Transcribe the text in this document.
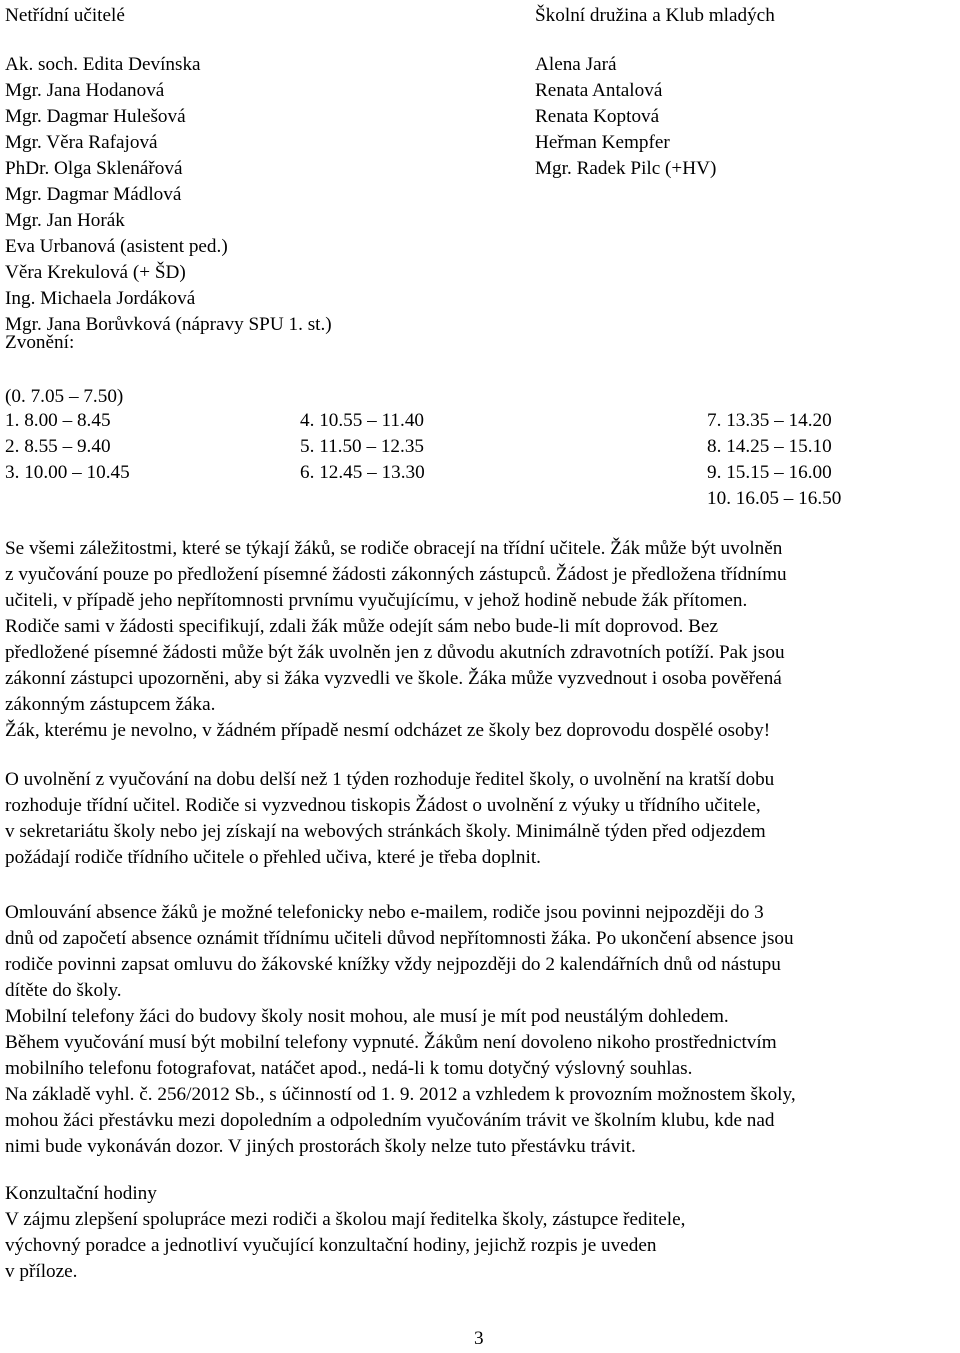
Netřídní učitelé
Ak. soch. Edita Devínska
Mgr. Jana Hodanová
Mgr. Dagmar Hulešová
Mgr. Věra Rafajová
PhDr. Olga Sklenářová
Mgr. Dagmar Mádlová
Mgr. Jan Horák
Eva Urbanová (asistent ped.)
Věra Krekulová (+ ŠD)
Ing. Michaela Jordáková
Mgr. Jana Borůvková (nápravy SPU 1. st.)
Školní družina a Klub mladých
Alena Jará
Renata Antalová
Renata Koptová
Heřman Kempfer
Mgr. Radek Pilc (+HV)
Zvonění:
(0. 7.05 – 7.50)
1. 8.00 – 8.45
2. 8.55 – 9.40
3. 10.00 – 10.45
4. 10.55 – 11.40
5. 11.50 – 12.35
6. 12.45 – 13.30
7. 13.35 – 14.20
8. 14.25 – 15.10
9. 15.15 – 16.00
10. 16.05 – 16.50
Se všemi záležitostmi, které se týkají žáků, se rodiče obracejí na třídní učitele. Žák může být uvolněn
z vyučování pouze po předložení písemné žádosti zákonných zástupců. Žádost je předložena třídnímu
učiteli, v případě jeho nepřítomnosti prvnímu vyučujícímu, v jehož hodině nebude žák přítomen.
Rodiče sami v žádosti specifikují, zdali žák může odejít sám nebo bude-li mít doprovod. Bez
předložené písemné žádosti může být žák uvolněn jen z důvodu akutních zdravotních potíží. Pak jsou
zákonní zástupci upozorněni, aby si žáka vyzvedli ve škole. Žáka může vyzvednout i osoba pověřená
zákonným zástupcem žáka.
Žák, kterému je nevolno, v žádném případě nesmí odcházet ze školy bez doprovodu dospělé osoby!
O uvolnění z vyučování na dobu delší než 1 týden rozhoduje ředitel školy, o uvolnění na kratší dobu
rozhoduje třídní učitel. Rodiče si vyzvednou tiskopis Žádost o uvolnění z výuky u třídního učitele,
v sekretariátu školy nebo jej získají na webových stránkách školy. Minimálně týden před odjezdem
požádají rodiče třídního učitele o přehled učiva, které je třeba doplnit.
Omlouvání absence žáků je možné telefonicky nebo e-mailem, rodiče jsou povinni nejpozději do 3
dnů od započetí absence oznámit třídnímu učiteli důvod nepřítomnosti žáka. Po ukončení absence jsou
rodiče povinni zapsat omluvu do žákovské knížky vždy nejpozději do 2 kalendářních dnů od nástupu
dítěte do školy.
Mobilní telefony žáci do budovy školy nosit mohou, ale musí je mít pod neustálým dohledem.
Během vyučování musí být mobilní telefony vypnuté. Žákům není dovoleno nikoho prostřednictvím
mobilního telefonu fotografovat, natáčet apod., nedá-li k tomu dotyčný výslovný souhlas.
Na základě vyhl. č. 256/2012 Sb., s účinností od 1. 9. 2012 a vzhledem k provozním možnostem školy,
mohou žáci přestávku mezi dopoledním a odpoledním vyučováním trávit ve školním klubu, kde nad
nimi bude vykonáván dozor. V jiných prostorách školy nelze tuto přestávku trávit.
Konzultační hodiny
V zájmu zlepšení spolupráce mezi rodiči a školou mají ředitelka školy, zástupce ředitele,
výchovný poradce a jednotliví vyučující konzultační hodiny, jejichž rozpis je uveden
v příloze.
3
